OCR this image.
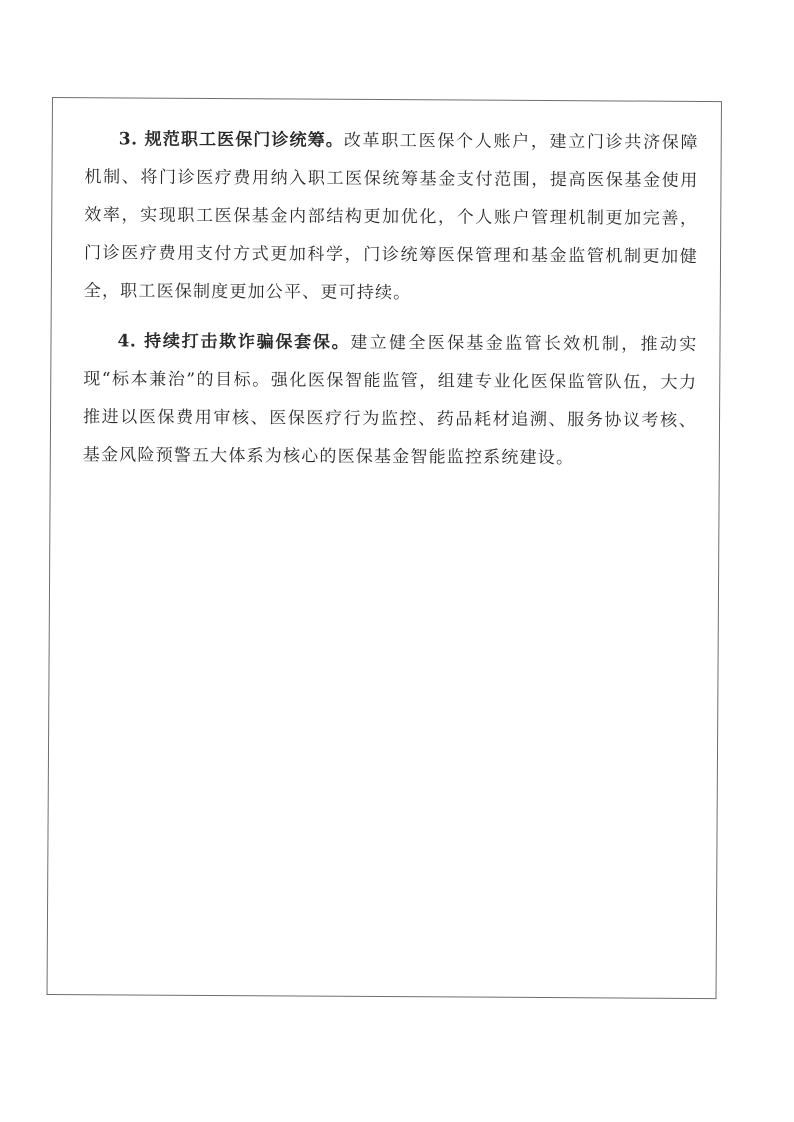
3. 规范职工医保门诊统筹。改革职工医保个人账户，建立门诊共济保障机制、将门诊医疗费用纳入职工医保统筹基金支付范围，提高医保基金使用效率，实现职工医保基金内部结构更加优化，个人账户管理机制更加完善，门诊医疗费用支付方式更加科学，门诊统筹医保管理和基金监管机制更加健全，职工医保制度更加公平、更可持续。

4. 持续打击欺诈骗保套保。建立健全医保基金监管长效机制，推动实现“标本兼治”的目标。强化医保智能监管，组建专业化医保监管队伍，大力推进以医保费用审核、医保医疗行为监控、药品耗材追溯、服务协议考核、基金风险预警五大体系为核心的医保基金智能监控系统建设。
